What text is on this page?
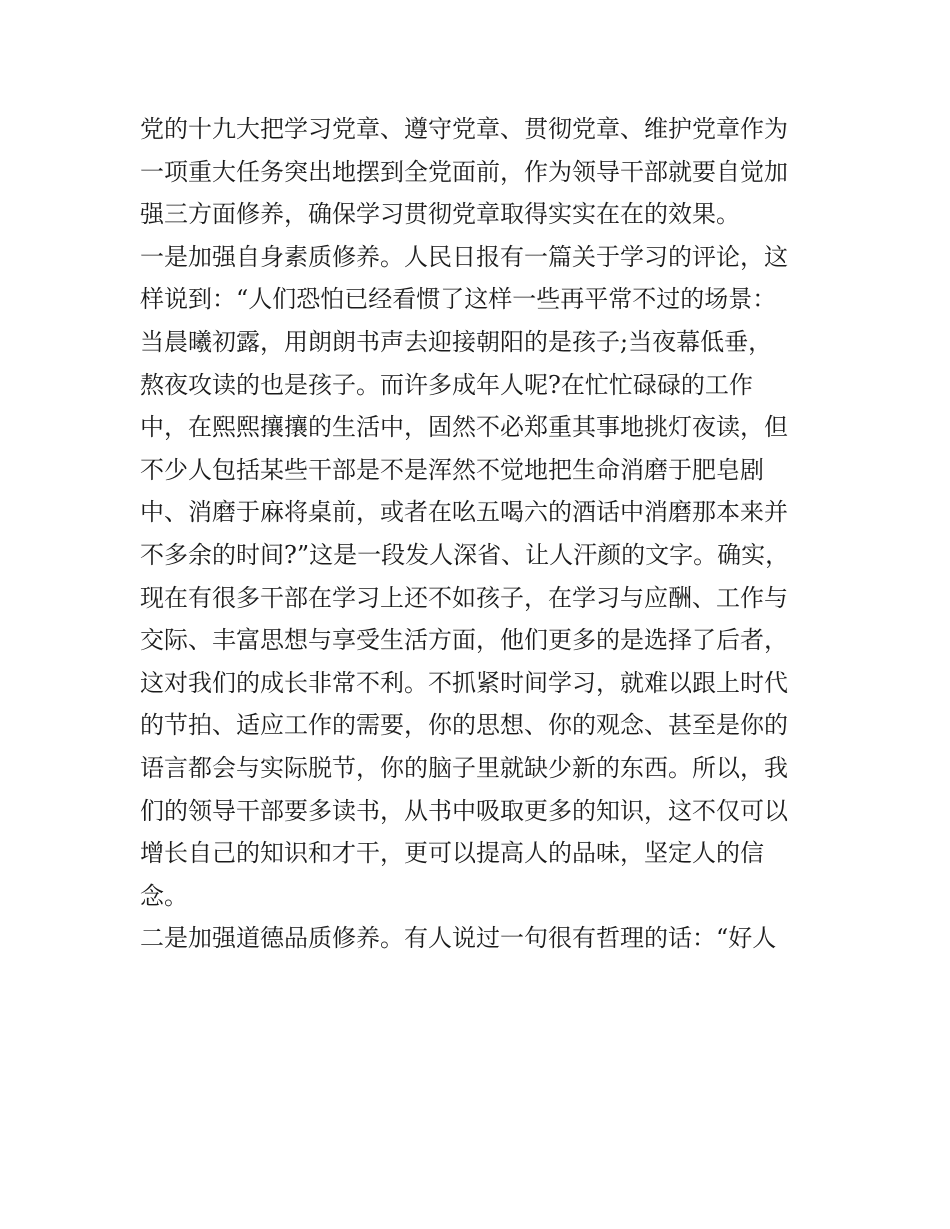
党的十九大把学习党章、遵守党章、贯彻党章、维护党章作为
一项重大任务突出地摆到全党面前，作为领导干部就要自觉加
强三方面修养，确保学习贯彻党章取得实实在在的效果。
一是加强自身素质修养。人民日报有一篇关于学习的评论，这
样说到：“人们恐怕已经看惯了这样一些再平常不过的场景：
当晨曦初露，用朗朗书声去迎接朝阳的是孩子;当夜幕低垂，
熬夜攻读的也是孩子。而许多成年人呢?在忙忙碌碌的工作
中，在熙熙攘攘的生活中，固然不必郑重其事地挑灯夜读，但
不少人包括某些干部是不是浑然不觉地把生命消磨于肥皂剧
中、消磨于麻将桌前，或者在吆五喝六的酒话中消磨那本来并
不多余的时间?”这是一段发人深省、让人汗颜的文字。确实，
现在有很多干部在学习上还不如孩子，在学习与应酬、工作与
交际、丰富思想与享受生活方面，他们更多的是选择了后者，
这对我们的成长非常不利。不抓紧时间学习，就难以跟上时代
的节拍、适应工作的需要，你的思想、你的观念、甚至是你的
语言都会与实际脱节，你的脑子里就缺少新的东西。所以，我
们的领导干部要多读书，从书中吸取更多的知识，这不仅可以
增长自己的知识和才干，更可以提高人的品味，坚定人的信
念。
二是加强道德品质修养。有人说过一句很有哲理的话：“好人
